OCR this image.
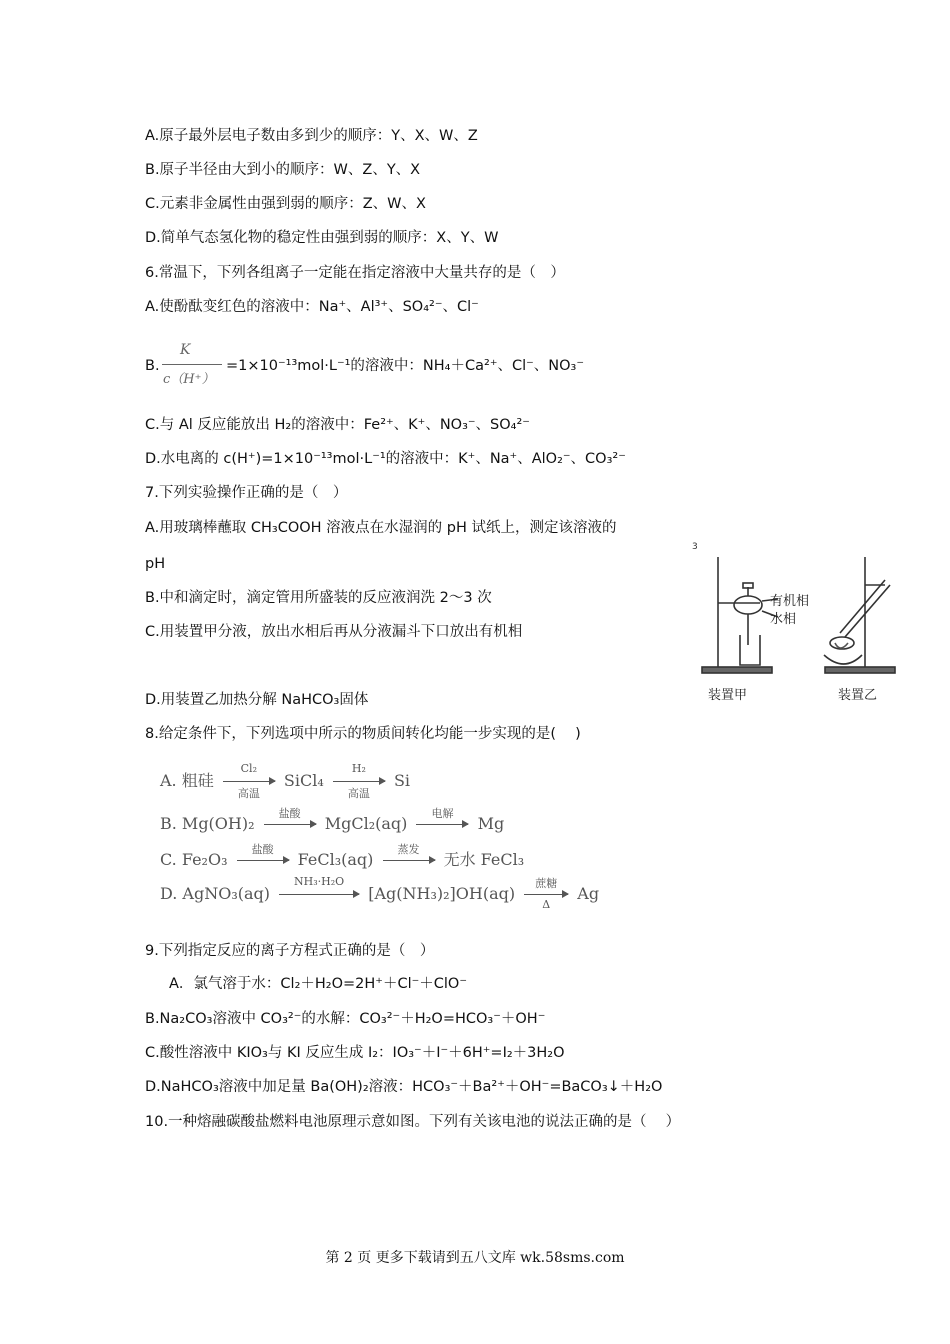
A.原子最外层电子数由多到少的顺序：Y、X、W、Z
B.原子半径由大到小的顺序：W、Z、Y、X
C.元素非金属性由强到弱的顺序：Z、W、X
D.简单气态氢化物的稳定性由强到弱的顺序：X、Y、W
6.常温下，下列各组离子一定能在指定溶液中大量共存的是（　）
A.使酚酞变红色的溶液中：Na⁺、Al³⁺、SO₄²⁻、Cl⁻
B.
K
c（H⁺）
=1×10⁻¹³mol·L⁻¹的溶液中：NH₄＋Ca²⁺、Cl⁻、NO₃⁻
C.与 Al 反应能放出 H₂的溶液中：Fe²⁺、K⁺、NO₃⁻、SO₄²⁻
D.水电离的 c(H⁺)=1×10⁻¹³mol·L⁻¹的溶液中：K⁺、Na⁺、AlO₂⁻、CO₃²⁻
7.下列实验操作正确的是（　）
A.用玻璃棒蘸取 CH₃COOH 溶液点在水湿润的 pH 试纸上，测定该溶液的
pH
B.中和滴定时，滴定管用所盛装的反应液润洗 2～3 次
C.用装置甲分液，放出水相后再从分液漏斗下口放出有机相
D.用装置乙加热分解 NaHCO₃固体
3
有机相
水相
装置甲	装置乙
8.给定条件下，下列选项中所示的物质间转化均能一步实现的是(　 )
A. 粗硅
Cl₂
高温
SiCl₄
H₂
高温
Si
B. Mg(OH)₂
盐酸
MgCl₂(aq)
电解
Mg
C. Fe₂O₃
盐酸
FeCl₃(aq)
蒸发
无水 FeCl₃
D. AgNO₃(aq)
NH₃·H₂O
[Ag(NH₃)₂]OH(aq)
蔗糖
Δ
Ag
9.下列指定反应的离子方程式正确的是（　）
A．氯气溶于水：Cl₂＋H₂O=2H⁺＋Cl⁻＋ClO⁻
B.Na₂CO₃溶液中 CO₃²⁻的水解：CO₃²⁻＋H₂O=HCO₃⁻＋OH⁻
C.酸性溶液中 KIO₃与 KI 反应生成 I₂：IO₃⁻＋I⁻＋6H⁺=I₂＋3H₂O
D.NaHCO₃溶液中加足量 Ba(OH)₂溶液：HCO₃⁻＋Ba²⁺＋OH⁻=BaCO₃↓＋H₂O
10.一种熔融碳酸盐燃料电池原理示意如图。下列有关该电池的说法正确的是（　 ）
第 2 页 更多下载请到五八文库 wk.58sms.com
